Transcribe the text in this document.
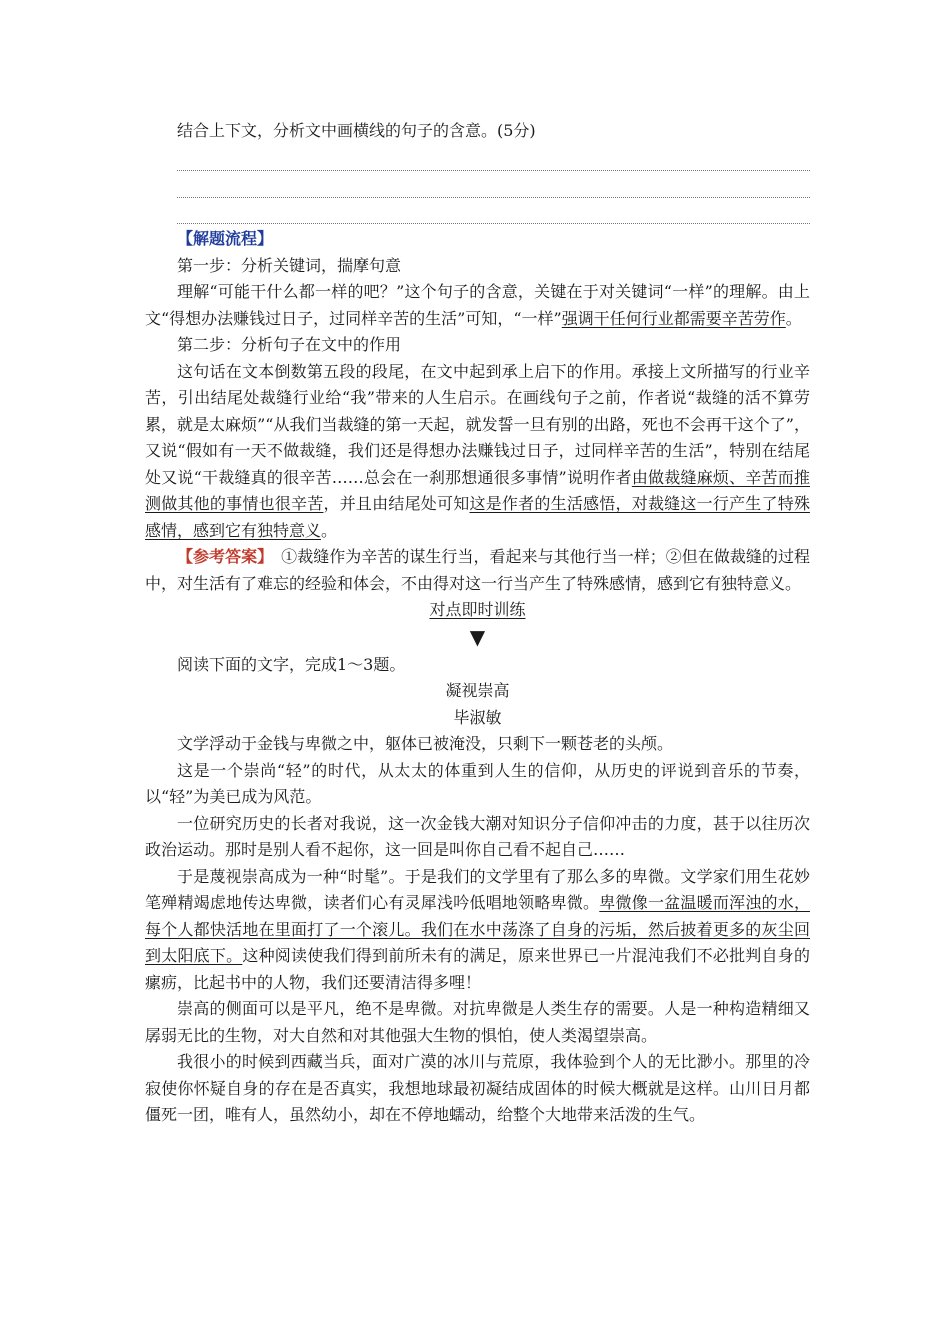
结合上下文，分析文中画横线的句子的含意。(5分)

【解题流程】

第一步：分析关键词，揣摩句意

理解“可能干什么都一样的吧？”这个句子的含意，关键在于对关键词“一样”的理解。由上文“得想办法赚钱过日子，过同样辛苦的生活”可知，“一样”强调干任何行业都需要辛苦劳作。

第二步：分析句子在文中的作用

这句话在文本倒数第五段的段尾，在文中起到承上启下的作用。承接上文所描写的行业辛苦，引出结尾处裁缝行业给“我”带来的人生启示。在画线句子之前，作者说“裁缝的活不算劳累，就是太麻烦”“从我们当裁缝的第一天起，就发誓一旦有别的出路，死也不会再干这个了”，又说“假如有一天不做裁缝，我们还是得想办法赚钱过日子，过同样辛苦的生活”，特别在结尾处又说“干裁缝真的很辛苦……总会在一刹那想通很多事情”说明作者由做裁缝麻烦、辛苦而推测做其他的事情也很辛苦，并且由结尾处可知这是作者的生活感悟，对裁缝这一行产生了特殊感情，感到它有独特意义。

【参考答案】　①裁缝作为辛苦的谋生行当，看起来与其他行当一样；②但在做裁缝的过程中，对生活有了难忘的经验和体会，不由得对这一行当产生了特殊感情，感到它有独特意义。

对点即时训练

▼

阅读下面的文字，完成1～3题。

凝视崇高

毕淑敏

文学浮动于金钱与卑微之中，躯体已被淹没，只剩下一颗苍老的头颅。

这是一个崇尚“轻”的时代，从太太的体重到人生的信仰，从历史的评说到音乐的节奏，以“轻”为美已成为风范。

一位研究历史的长者对我说，这一次金钱大潮对知识分子信仰冲击的力度，甚于以往历次政治运动。那时是别人看不起你，这一回是叫你自己看不起自己……

于是蔑视崇高成为一种“时髦”。于是我们的文学里有了那么多的卑微。文学家们用生花妙笔殚精竭虑地传达卑微，读者们心有灵犀浅吟低唱地领略卑微。卑微像一盆温暖而浑浊的水，每个人都快活地在里面打了一个滚儿。我们在水中荡涤了自身的污垢，然后披着更多的灰尘回到太阳底下。这种阅读使我们得到前所未有的满足，原来世界已一片混沌我们不必批判自身的瘰疬，比起书中的人物，我们还要清洁得多哩！

崇高的侧面可以是平凡，绝不是卑微。对抗卑微是人类生存的需要。人是一种构造精细又孱弱无比的生物，对大自然和对其他强大生物的惧怕，使人类渴望崇高。

我很小的时候到西藏当兵，面对广漠的冰川与荒原，我体验到个人的无比渺小。那里的冷寂使你怀疑自身的存在是否真实，我想地球最初凝结成固体的时候大概就是这样。山川日月都僵死一团，唯有人，虽然幼小，却在不停地蠕动，给整个大地带来活泼的生气。
